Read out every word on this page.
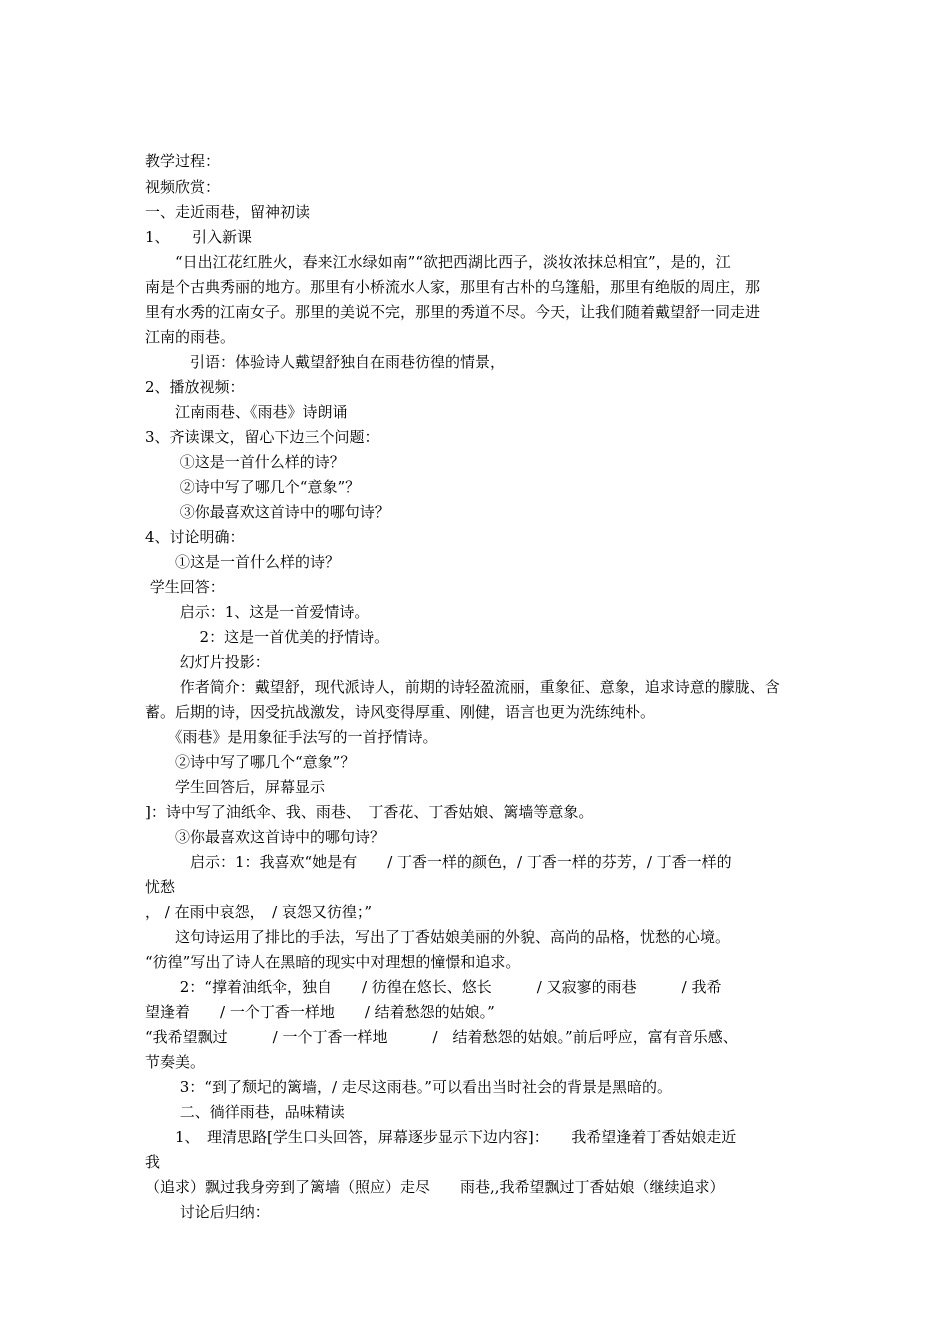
教学过程：
视频欣赏：
一、走近雨巷，留神初读
1、　　引入新课
　　“日出江花红胜火，春来江水绿如南”“欲把西湖比西子，淡妆浓抹总相宜”，是的，江
南是个古典秀丽的地方。那里有小桥流水人家，那里有古朴的乌篷船，那里有绝版的周庄，那
里有水秀的江南女子。那里的美说不完，那里的秀道不尽。今天，让我们随着戴望舒一同走进
江南的雨巷。
　　　引语：体验诗人戴望舒独自在雨巷彷徨的情景，
2、播放视频：
　　江南雨巷、《雨巷》诗朗诵
3、齐读课文，留心下边三个问题：
　　 ①这是一首什么样的诗？
　　 ②诗中写了哪几个“意象”？
　　 ③你最喜欢这首诗中的哪句诗？
4、讨论明确：
　　①这是一首什么样的诗？
学生回答：
　　 启示：1、这是一首爱情诗。
　　　  2：这是一首优美的抒情诗。
　　 幻灯片投影：
　　 作者简介：戴望舒，现代派诗人，前期的诗轻盈流丽，重象征、意象，追求诗意的朦胧、含
蓄。后期的诗，因受抗战激发，诗风变得厚重、刚健，语言也更为洗练纯朴。
　　《雨巷》是用象征手法写的一首抒情诗。
　　②诗中写了哪几个“意象”？
　　学生回答后，屏幕显示
]：诗中写了油纸伞、我、雨巷、　丁香花、丁香姑娘、篱墙等意象。
　　③你最喜欢这首诗中的哪句诗？
　　　启示：1：我喜欢“她是有　　/ 丁香一样的颜色，/ 丁香一样的芬芳，/ 丁香一样的
忧愁
， / 在雨中哀怨，　/ 哀怨又彷徨；”
　　这句诗运用了排比的手法，写出了丁香姑娘美丽的外貌、高尚的品格，忧愁的心境。
“彷徨”写出了诗人在黑暗的现实中对理想的憧憬和追求。
　　 2：“撑着油纸伞，独自　　/ 彷徨在悠长、悠长　　　/ 又寂寥的雨巷　　　/ 我希
望逢着　　/ 一个丁香一样地　　/ 结着愁怨的姑娘。”
“我希望飘过　　　/ 一个丁香一样地　　　/　结着愁怨的姑娘。”前后呼应，富有音乐感、
节奏美。
　　 3：“到了颓圮的篱墙，/ 走尽这雨巷。”可以看出当时社会的背景是黑暗的。
　　 二、徜徉雨巷，品味精读
　　1、　理清思路[学生口头回答，屏幕逐步显示下边内容]：　　我希望逢着丁香姑娘走近
我
（追求）飘过我身旁到了篱墙（照应）走尽　　雨巷,,我希望飘过丁香姑娘（继续追求）
　　 讨论后归纳：
